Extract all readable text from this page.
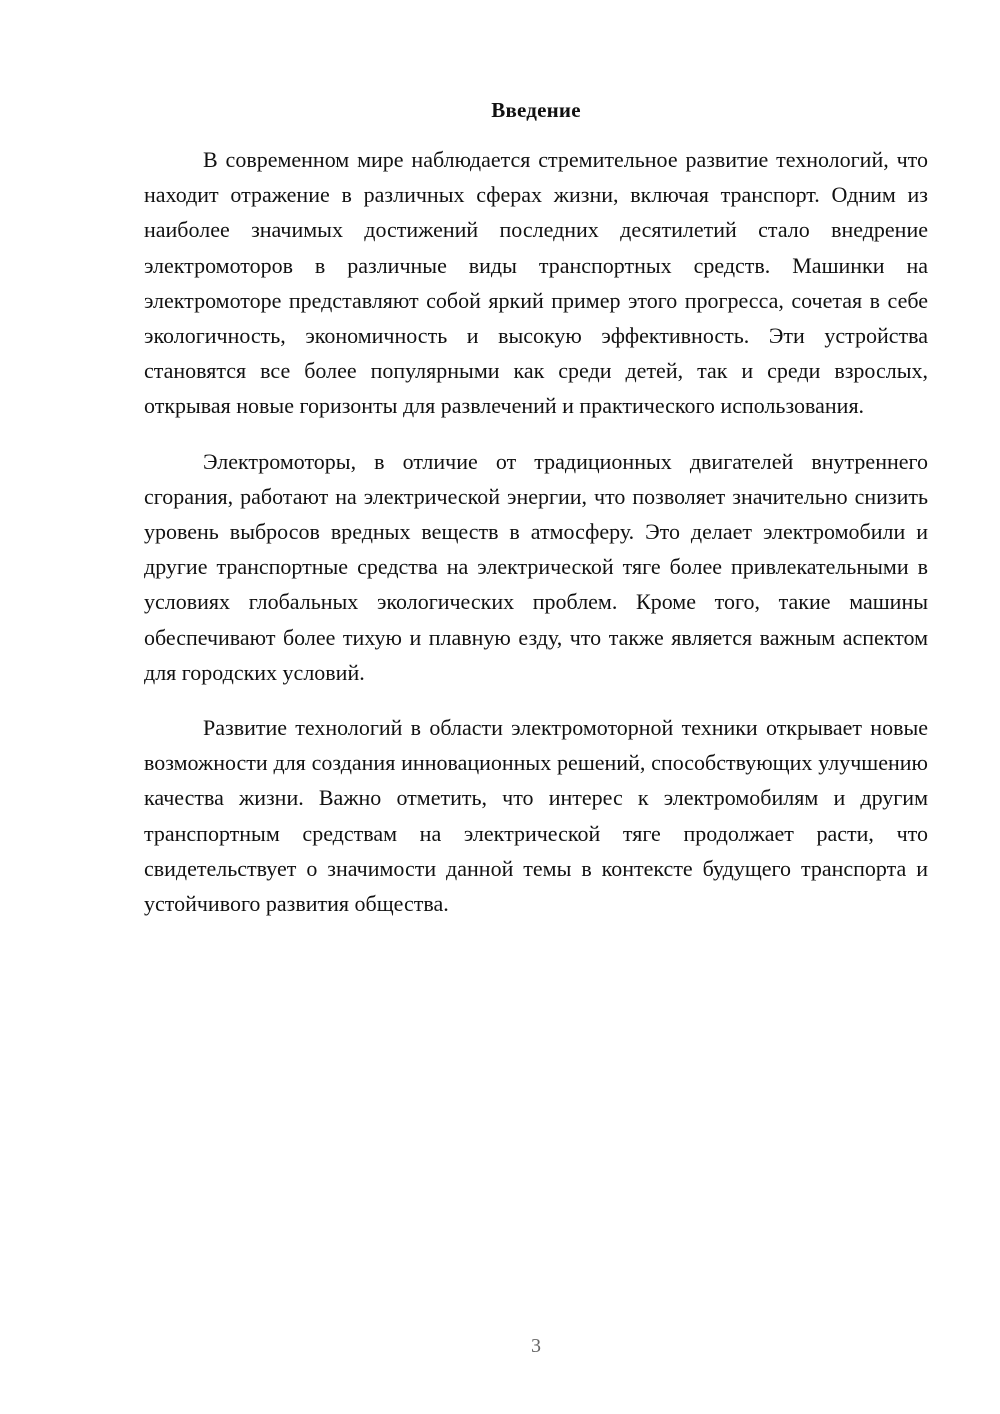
Введение

В современном мире наблюдается стремительное развитие технологий, что находит отражение в различных сферах жизни, включая транспорт. Одним из наиболее значимых достижений последних десятилетий стало внедрение электромоторов в различные виды транспортных средств. Машинки на электромоторе представляют собой яркий пример этого прогресса, сочетая в себе экологичность, экономичность и высокую эффективность. Эти устройства становятся все более популярными как среди детей, так и среди взрослых, открывая новые горизонты для развлечений и практического использования.

Электромоторы, в отличие от традиционных двигателей внутреннего сгорания, работают на электрической энергии, что позволяет значительно снизить уровень выбросов вредных веществ в атмосферу. Это делает электромобили и другие транспортные средства на электрической тяге более привлекательными в условиях глобальных экологических проблем. Кроме того, такие машины обеспечивают более тихую и плавную езду, что также является важным аспектом для городских условий.

Развитие технологий в области электромоторной техники открывает новые возможности для создания инновационных решений, способствующих улучшению качества жизни. Важно отметить, что интерес к электромобилям и другим транспортным средствам на электрической тяге продолжает расти, что свидетельствует о значимости данной темы в контексте будущего транспорта и устойчивого развития общества.

3
